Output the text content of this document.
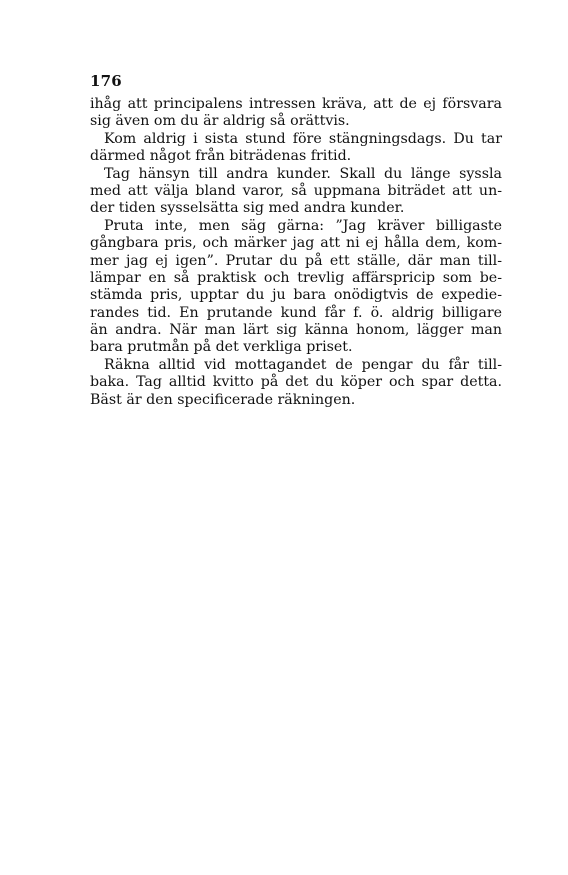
176
ihåg att principalens intressen kräva, att de ej försvara
sig även om du är aldrig så orättvis.
Kom aldrig i sista stund före stängningsdags. Du tar
därmed något från biträdenas fritid.
Tag hänsyn till andra kunder. Skall du länge syssla
med att välja bland varor, så uppmana biträdet att un-
der tiden sysselsätta sig med andra kunder.
Pruta inte, men säg gärna: ”Jag kräver billigaste
gångbara pris, och märker jag att ni ej hålla dem, kom-
mer jag ej igen”. Prutar du på ett ställe, där man till-
lämpar en så praktisk och trevlig affärspricip som be-
stämda pris, upptar du ju bara onödigtvis de expedie-
randes tid. En prutande kund får f. ö. aldrig billigare
än andra. När man lärt sig känna honom, lägger man
bara prutmån på det verkliga priset.
Räkna alltid vid mottagandet de pengar du får till-
baka. Tag alltid kvitto på det du köper och spar detta.
Bäst är den specificerade räkningen.
